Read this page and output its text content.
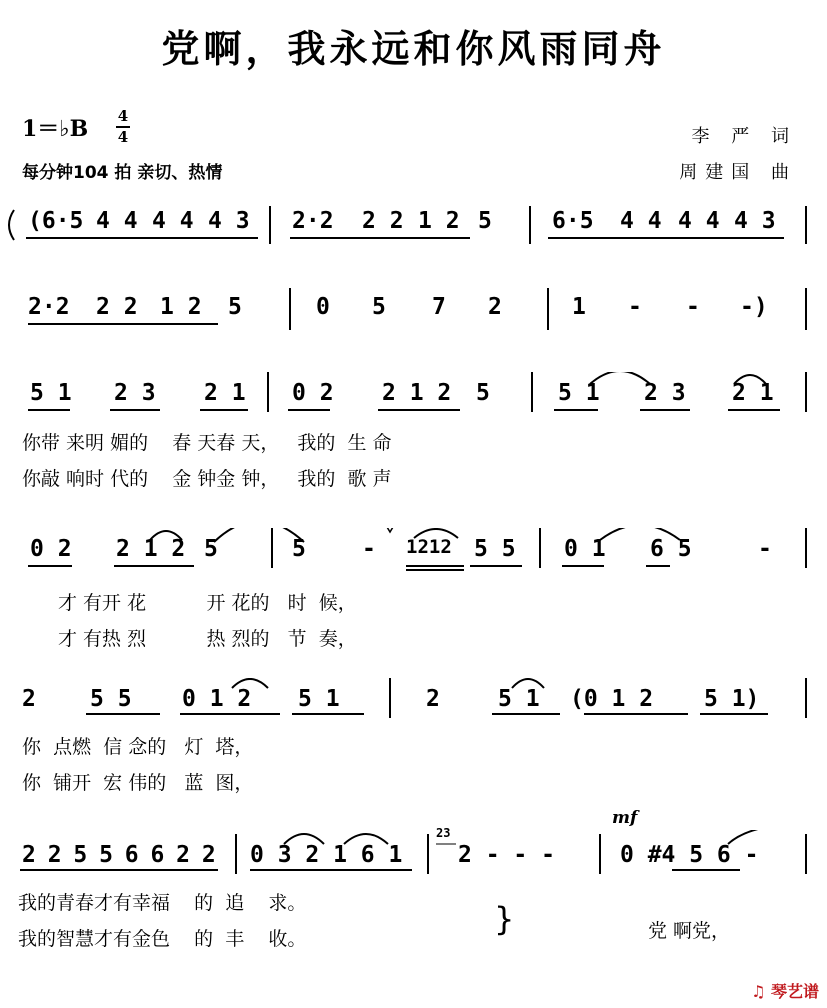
党啊，我永远和你风雨同舟
1＝♭B 4
4
每分钟104 拍 亲切、热情
李 严 词
周建国 曲
(6·5 4 4 4 4 4 3 2·2 2 2 1 2 5	6·5 4 4 4 4 4 3
2·2 2 2 1 2 5	0 5 7 2	1 - - -)
5 1 2 3 2 1 0 2 2 1 2 5	5 1 2 3 2 1
你带 来明 媚的    春 天春 天，   我的  生 命
你敲 响时 代的    金 钟金 钟，   我的  歌 声
0 2 2 1 2 5	5 - 1212 5 5 0 1 6 5	-
才 有开 花          开 花的   时  候，
才 有热 烈          热 烈的   节  奏，
2 5 5 0 1 2 5 1	2	5 1 (0 1 2 5 1)
你  点燃  信 念的   灯  塔，
你  铺开  宏 伟的   蓝  图，
mf
23
2 2 5 5 6 6 2 2 0 3 2 1 6 1 2 - - -	0 #4 5 6 -
我的青春才有幸福    的  追    求。
我的智慧才有金色    的  丰    收。
}	党 啊党，
♫ 琴艺谱
